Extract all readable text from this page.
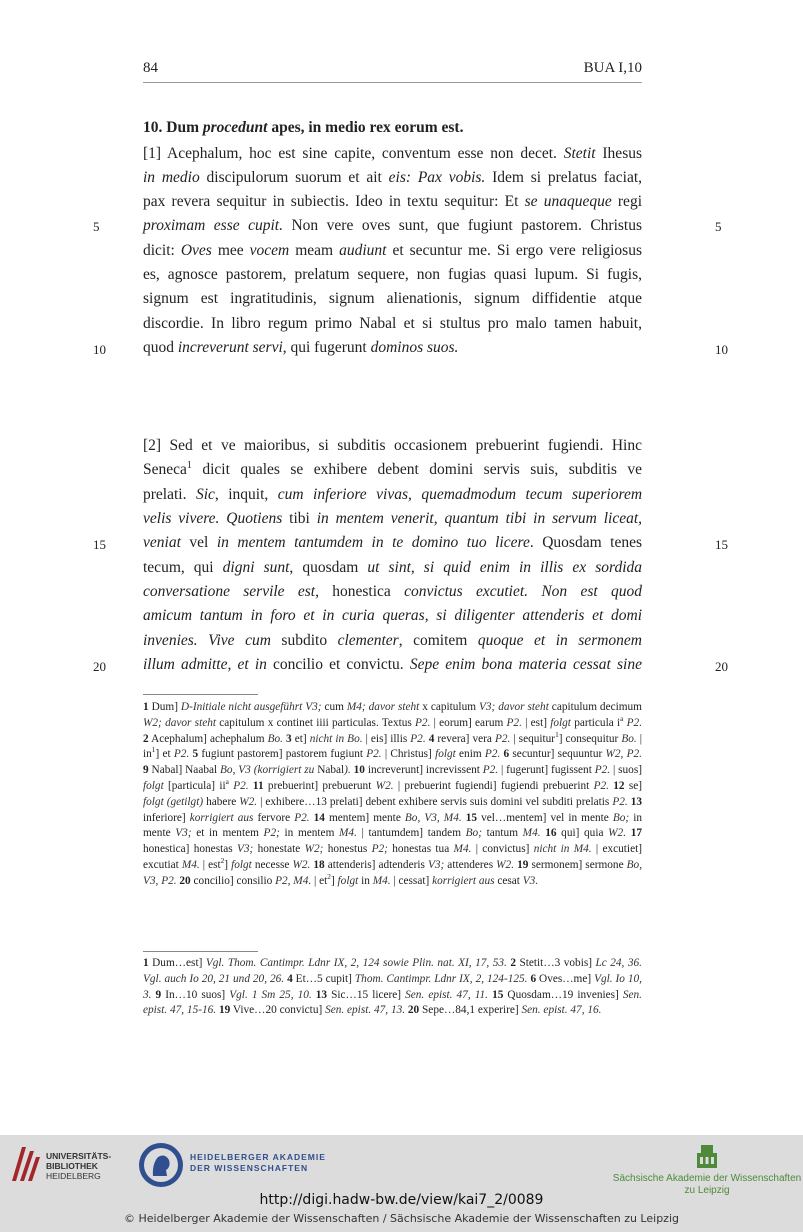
84	BUA I,10
10. Dum procedunt apes, in medio rex eorum est.
[1] Acephalum, hoc est sine capite, conventum esse non decet. Stetit Ihesus
in medio discipulorum suorum et ait eis: Pax vobis. Idem si prelatus faciat,
pax revera sequitur in subiectis. Ideo in textu sequitur: Et se unaqueque regi
proximam esse cupit. Non vere oves sunt, que fugiunt pastorem. Christus
dicit: Oves mee vocem meam audiunt et secuntur me. Si ergo vere religiosus
es, agnosce pastorem, prelatum sequere, non fugias quasi lupum. Si fugis,
signum est ingratitudinis, signum alienationis, signum diffidentie atque
discordie. In libro regum primo Nabal et si stultus pro malo tamen habuit,
quod increverunt servi, qui fugerunt dominos suos.
[2] Sed et ve maioribus, si subditis occasionem prebuerint fugiendi. Hinc
Seneca$^1$ dicit quales se exhibere debent domini servis suis, subditis ve
prelati. Sic, inquit, cum inferiore vivas, quemadmodum tecum superiorem
velis vivere. Quotiens tibi in mentem venerit, quantum tibi in servum liceat,
veniat vel in mentem tantumdem in te domino tuo licere. Quosdam tenes
tecum, qui digni sunt, quosdam ut sint, si quid enim in illis ex sordida
conversatione servile est, honestica convictus excutiet. Non est quod
amicum tantum in foro et in curia queras, si diligenter attenderis et domi
invenies. Vive cum subdito clementer, comitem quoque et in sermonem
illum admitte, et in concilio et convictu. Sepe enim bona materia cessat sine
5	5
10	10
15	15
20	20
1 Dum] D-Initiale nicht ausgeführt V3; cum M4; davor steht x capitulum V3; davor steht capitulum decimum W2; davor steht capitulum x continet iiii particulas. Textus P2. | eorum] earum P2. | est] folgt particula $i^a$ P2. 2 Acephalum] achephalum Bo. 3 et] nicht in Bo. | eis] illis P2. 4 revera] vera P2. | sequitur$^1$] consequitur Bo. | $in^1$] et P2. 5 fugiunt pastorem] pastorem fugiunt P2. | Christus] folgt enim P2. 6 secuntur] sequuntur W2, P2. 9 Nabal] Naabal Bo, V3 (korrigiert zu Nabal). 10 increverunt] increvissent P2. | fugerunt] fugissent P2. | suos] folgt [particula] $ii^a$ P2. 11 prebuerint] prebuerunt W2. | prebuerint fugiendi] fugiendi prebuerint P2. 12 se] folgt (getilgt) habere W2. | exhibere…13 prelati] debent exhibere servis suis domini vel subditi prelatis P2. 13 inferiore] korrigiert aus fervore P2. 14 mentem] mente Bo, V3, M4. 15 vel…mentem] vel in mente Bo; in mente V3; et in mentem P2; in mentem M4. | tantumdem] tandem Bo; tantum M4. 16 qui] quia W2. 17 honestica] honestas V3; honestate W2; honestus P2; honestas tua M4. | convictus] nicht in M4. | excutiet] excutiat M4. | est$^2$] folgt necesse W2. 18 attenderis] adtenderis V3; attenderes W2. 19 sermonem] sermone Bo, V3, P2. 20 concilio] consilio P2, M4. | $et^2$] folgt in M4. | cessat] korrigiert aus cesat V3.
1 Dum…est] Vgl. Thom. Cantimpr. Ldnr IX, 2, 124 sowie Plin. nat. XI, 17, 53. 2 Stetit…3 vobis] Lc 24, 36. Vgl. auch Io 20, 21 und 20, 26. 4 Et…5 cupit] Thom. Cantimpr. Ldnr IX, 2, 124-125. 6 Oves…me] Vgl. Io 10, 3. 9 In…10 suos] Vgl. 1 Sm 25, 10. 13 Sic…15 licere] Sen. epist. 47, 11. 15 Quosdam…19 invenies] Sen. epist. 47, 15-16. 19 Vive…20 convictu] Sen. epist. 47, 13. 20 Sepe…84,1 experire] Sen. epist. 47, 16.
UNIVERSITÄTS-
BIBLIOTHEK
HEIDELBERG
HEIDELBERGER AKADEMIE
DER WISSENSCHAFTEN
Sächsische Akademie der Wissenschaften
zu Leipzig
http://digi.hadw-bw.de/view/kai7_2/0089
© Heidelberger Akademie der Wissenschaften / Sächsische Akademie der Wissenschaften zu Leipzig
